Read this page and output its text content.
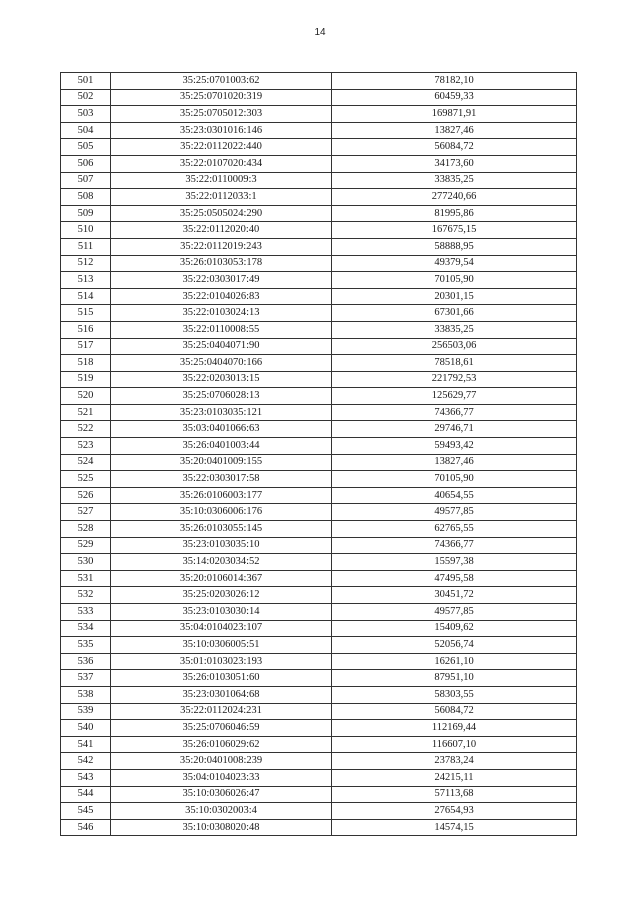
14
501	35:25:0701003:62	78182,10
502	35:25:0701020:319	60459,33
503	35:25:0705012:303	169871,91
504	35:23:0301016:146	13827,46
505	35:22:0112022:440	56084,72
506	35:22:0107020:434	34173,60
507	35:22:0110009:3	33835,25
508	35:22:0112033:1	277240,66
509	35:25:0505024:290	81995,86
510	35:22:0112020:40	167675,15
511	35:22:0112019:243	58888,95
512	35:26:0103053:178	49379,54
513	35:22:0303017:49	70105,90
514	35:22:0104026:83	20301,15
515	35:22:0103024:13	67301,66
516	35:22:0110008:55	33835,25
517	35:25:0404071:90	256503,06
518	35:25:0404070:166	78518,61
519	35:22:0203013:15	221792,53
520	35:25:0706028:13	125629,77
521	35:23:0103035:121	74366,77
522	35:03:0401066:63	29746,71
523	35:26:0401003:44	59493,42
524	35:20:0401009:155	13827,46
525	35:22:0303017:58	70105,90
526	35:26:0106003:177	40654,55
527	35:10:0306006:176	49577,85
528	35:26:0103055:145	62765,55
529	35:23:0103035:10	74366,77
530	35:14:0203034:52	15597,38
531	35:20:0106014:367	47495,58
532	35:25:0203026:12	30451,72
533	35:23:0103030:14	49577,85
534	35:04:0104023:107	15409,62
535	35:10:0306005:51	52056,74
536	35:01:0103023:193	16261,10
537	35:26:0103051:60	87951,10
538	35:23:0301064:68	58303,55
539	35:22:0112024:231	56084,72
540	35:25:0706046:59	112169,44
541	35:26:0106029:62	116607,10
542	35:20:0401008:239	23783,24
543	35:04:0104023:33	24215,11
544	35:10:0306026:47	57113,68
545	35:10:0302003:4	27654,93
546	35:10:0308020:48	14574,15
